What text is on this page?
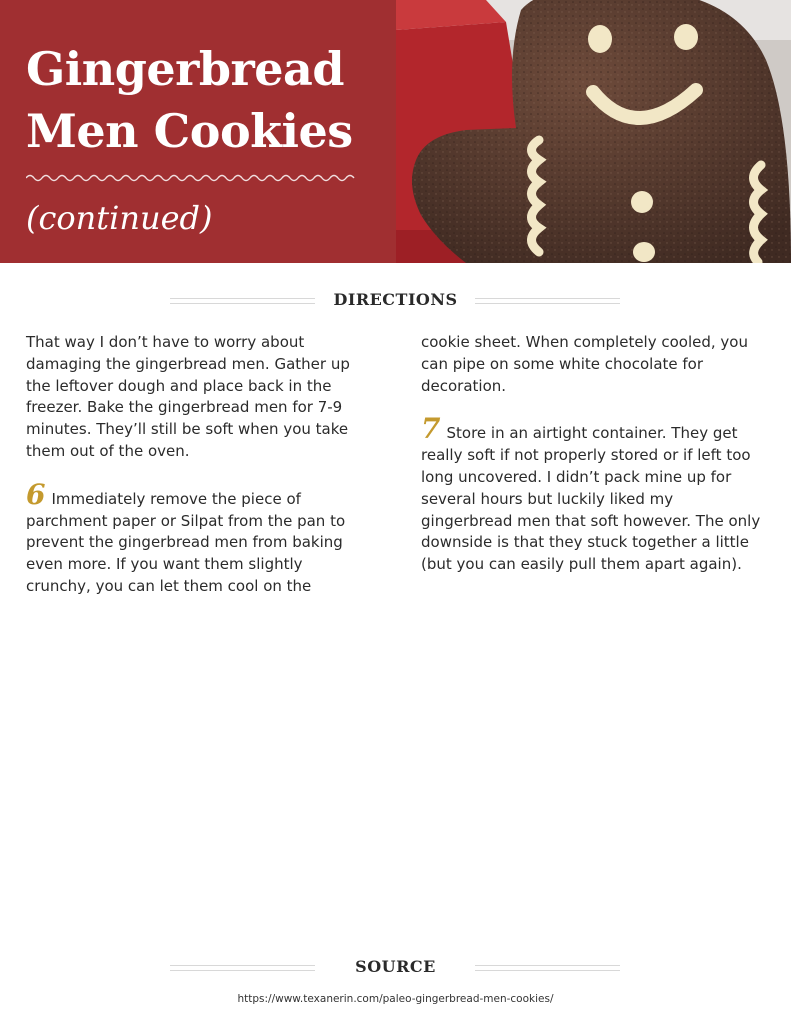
Gingerbread
Men Cookies

(continued)

DIRECTIONS

That way I don’t have to worry about damaging the gingerbread men. Gather up the leftover dough and place back in the freezer. Bake the gingerbread men for 7-9 minutes. They’ll still be soft when you take them out of the oven.

6 Immediately remove the piece of parchment paper or Silpat from the pan to prevent the gingerbread men from baking even more. If you want them slightly crunchy, you can let them cool on the

cookie sheet. When completely cooled, you can pipe on some white chocolate for decoration.

7 Store in an airtight container. They get really soft if not properly stored or if left too long uncovered. I didn’t pack mine up for several hours but luckily liked my gingerbread men that soft however. The only downside is that they stuck together a little (but you can easily pull them apart again).

SOURCE
https://www.texanerin.com/paleo-gingerbread-men-cookies/
